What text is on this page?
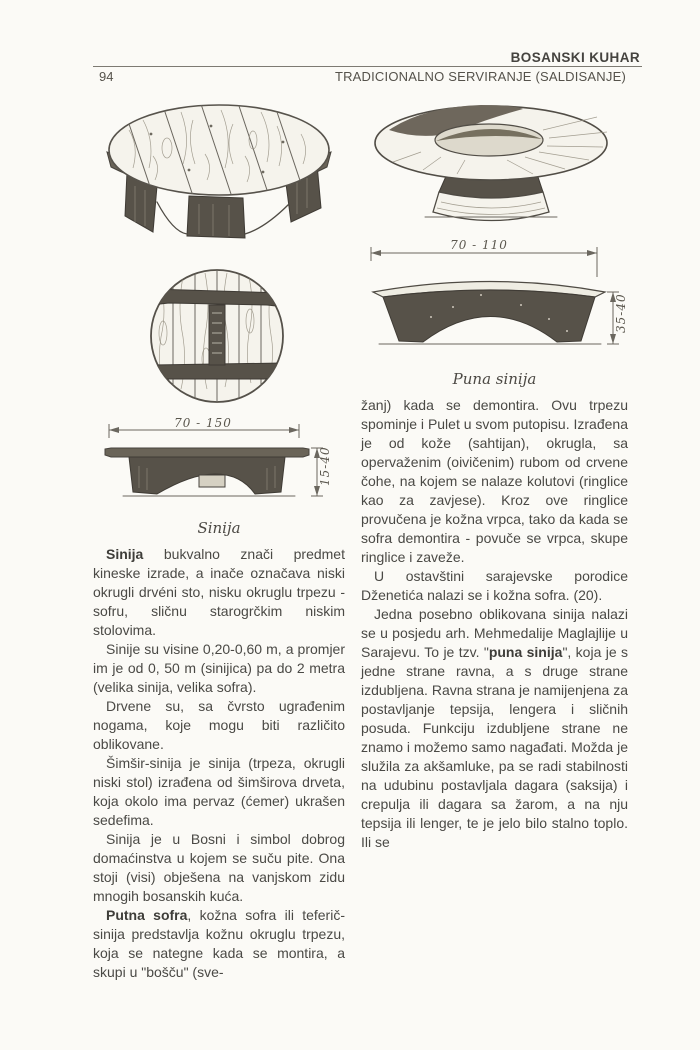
BOSANSKI KUHAR
94	TRADICIONALNO SERVIRANJE (SALDISANJE)
70 - 150
15-40
Sinija

Sinija bukvalno znači predmet kineske izrade, a inače označava niski okrugli drvéni sto, nisku okruglu trpezu - sofru, sličnu starogrčkim niskim stolovima.

Sinije su visine 0,20-0,60 m, a promjer im je od 0, 50 m (sinijica) pa do 2 metra (velika sinija, velika sofra).

Drvene su, sa čvrsto ugrađenim nogama, koje mogu biti različito oblikovane.

Šimšir-sinija je sinija (trpeza, okrugli niski stol) izrađena od šimširova drveta, koja okolo ima pervaz (ćemer) ukrašen sedefima.

Sinija je u Bosni i simbol dobrog domaćinstva u kojem se suču pite. Ona stoji (visi) obješena na vanjskom zidu mnogih bosanskih kuća.

Putna sofra, kožna sofra ili teferič-sinija predstavlja kožnu okruglu trpezu, koja se nategne kada se montira, a skupi u "bošču" (sve-

70 - 110
35-40
Puna sinija

žanj) kada se demontira. Ovu trpezu spominje i Pulet u svom putopisu. Izrađena je od kože (sahtijan), okrugla, sa opervaženim (oivičenim) rubom od crvene čohe, na kojem se nalaze kolutovi (ringlice kao za zavjese). Kroz ove ringlice provučena je kožna vrpca, tako da kada se sofra demontira - povuče se vrpca, skupe ringlice i zaveže.

U ostavštini sarajevske porodice Dženetića nalazi se i kožna sofra. (20).

Jedna posebno oblikovana sinija nalazi se u posjedu arh. Mehmedalije Maglajlije u Sarajevu. To je tzv. "puna sinija", koja je s jedne strane ravna, a s druge strane izdubljena. Ravna strana je namijenjena za postavljanje tepsija, lengera i sličnih posuda. Funkciju izdubljene strane ne znamo i možemo samo nagađati. Možda je služila za akšamluke, pa se radi stabilnosti na udubinu postavljala dagara (saksija) i crepulja ili dagara sa žarom, a na nju tepsija ili lenger, te je jelo bilo stalno toplo. Ili se
